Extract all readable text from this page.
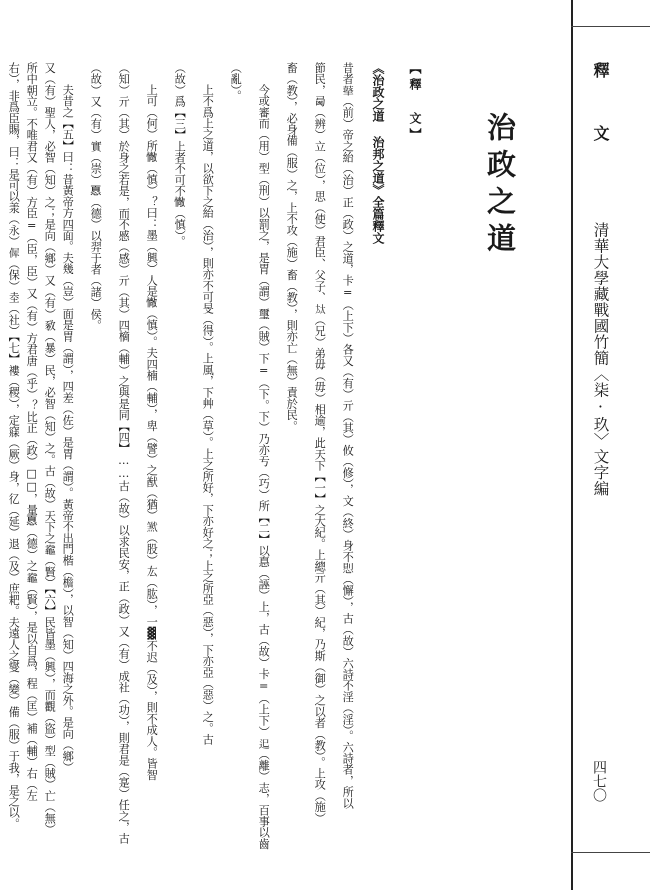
釋 文
清華大學藏戰國竹簡〈柒·玖〉文字編
四七〇
治政之道
【釋 文】
《治政之道 治邦之道》全篇釋文
昔者𪔍（前）帝之紿（治）正（政）之道，卡=（上下）各又（有）亓（其）攸（修），文（終）身不𢝔（懈），古（故）六詩不淫（淫）。六詩者，所以
節民，㢴（辨）立（位），思（使）君臣、父子、𡘋（兄）弟毋（毋）相逾，此天下【一】之大紀。上總亓（其）紀，乃斯（御）之以者（教）。上攻（施）
畜（教），必身備（服）之，上不攻（施）畜（教），則亦亡（無）責於民。
今或審而（用）型（刑）以罰之，是胃（謂）璽（賊）下=（下。下）乃亦亐（巧）所【二】以惪（誣）上，古（故）卡=（上下）𨑓（離）志，百事以齒
（亂）。
上不爲上之道，以欲下之紿（治），則亦不可旻（得）。上風，下艸（草）。上之所好，下亦好之；上之所亞（惡），下亦亞（惡）之。古
（故）爲【三】上者不可不𢠵（慎）。
上可（何）所𢠵（慎）？曰：墨（興）人是𢠵（慎）。夫四楠（輔），卑（譬）之猷（猶）𢎓（股）厷（肱），一▓不迟（及），則不成人。皆智
（知）亓（其）於身之若是，而不慼（感）亓（其）四樀（輔）之與是同【四】……古（故）以求民安，正（政）又（有）成社（功），則君是（寔）任之，古
（故）又（有）實（崇）𢝊（德）以羿于者（諸）侯。
夫昔之【五】曰：昔黃帝方四面。夫幾（豈）面是胃（謂），四差（佐）是胃（謂）。黃帝不出門楷（檐），以智（知）四海之外。是向（鄉）
又（有）聖人，必智（知）之；是向（鄉）又（有）𢽴（暴）民，必智（知）之。古（故）天下之𪚻（賢）【六】民皆墨（興），而觀（盜）型（賊）亡（無）
所中朝立。不唯君又（有）方臣=（臣，臣）又（有）方君唐（乎）？比正（政）□□，量𢝊（德）之𪚻（賢），是以自爲，程（匡）補（輔）右（左
右），非爲臣賜，曰：是可以羕（永）𠌬（保）坴（社）【七】褸（稷），定𥧌（厥）身，𢒼（延）退（及）庶耙。夫遠人之燮（變）備（服）于我，是之以。
